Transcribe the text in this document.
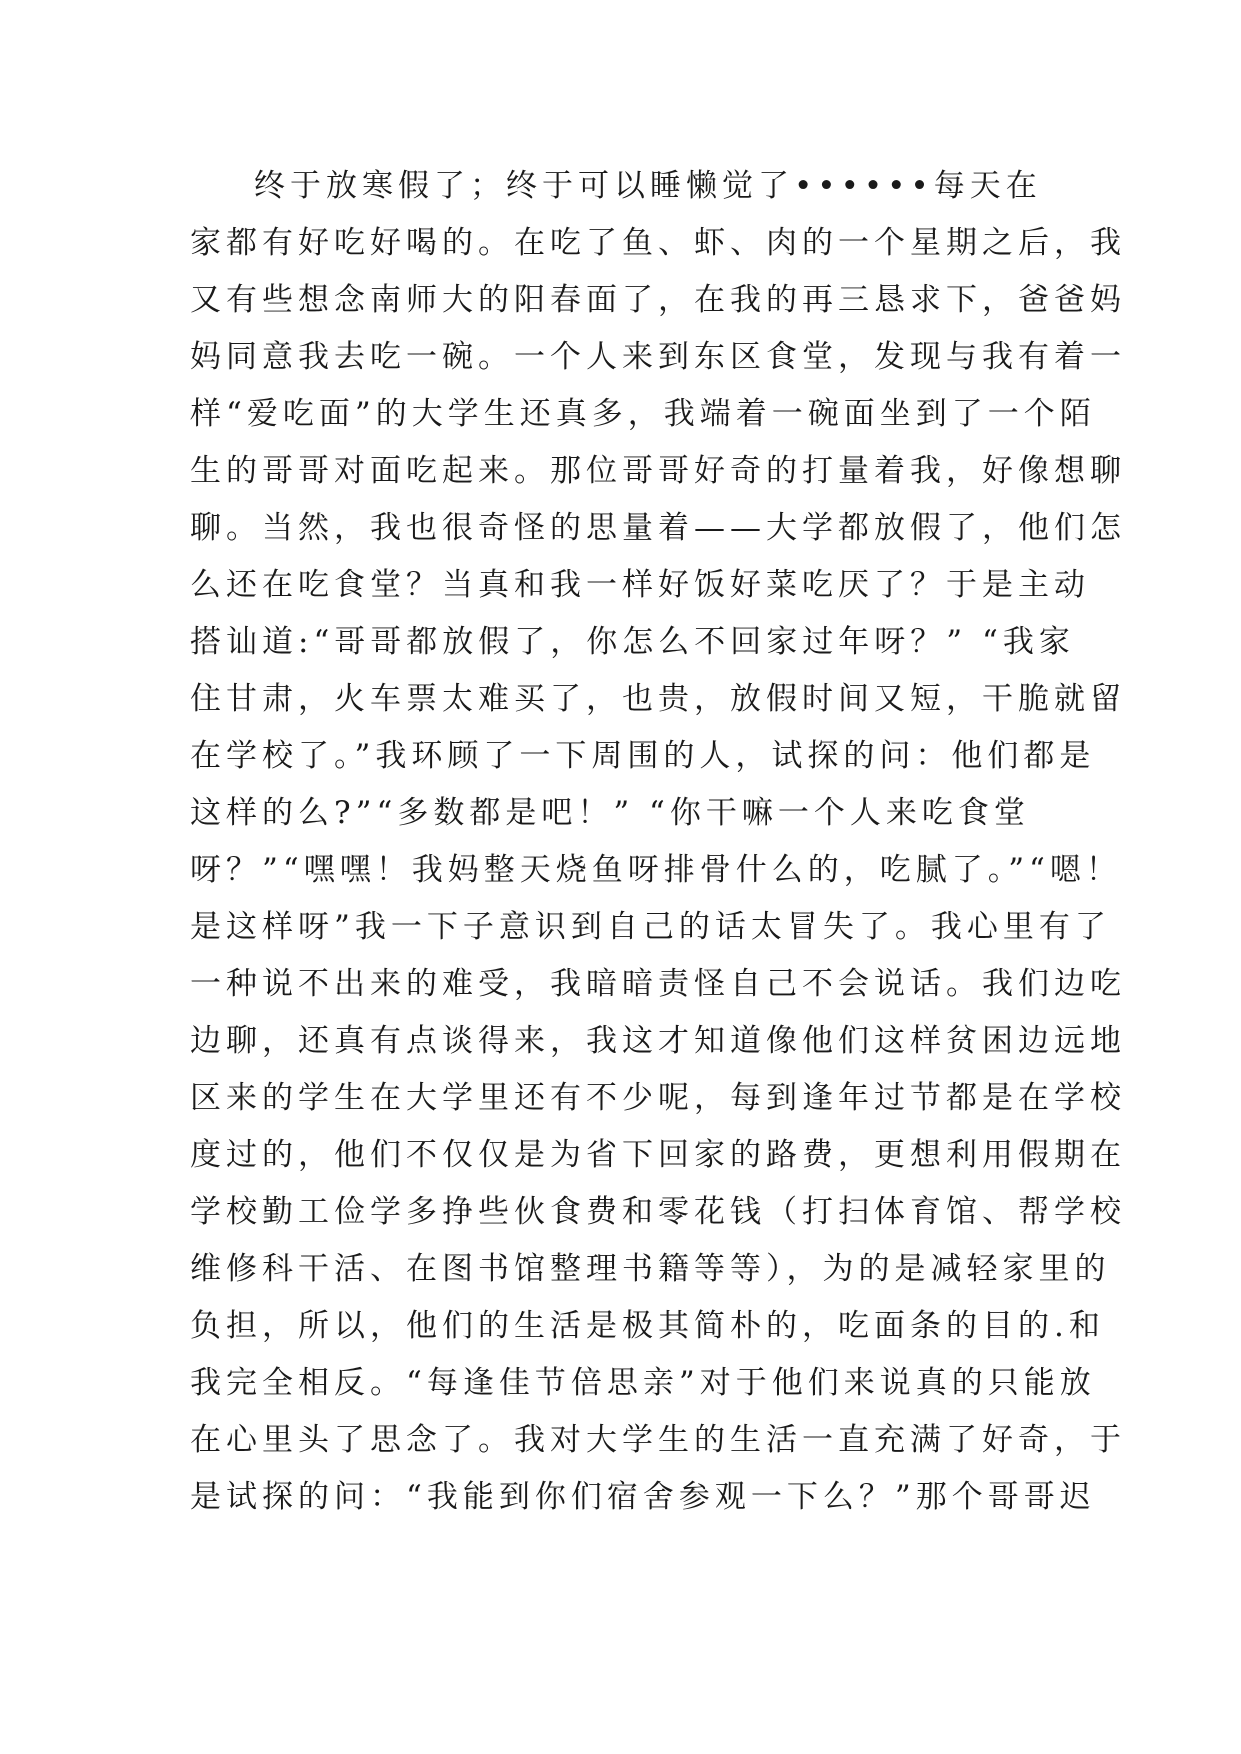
终于放寒假了；终于可以睡懒觉了••••••每天在
家都有好吃好喝的。在吃了鱼、虾、肉的一个星期之后，我
又有些想念南师大的阳春面了，在我的再三恳求下，爸爸妈
妈同意我去吃一碗。一个人来到东区食堂，发现与我有着一
样“爱吃面”的大学生还真多，我端着一碗面坐到了一个陌
生的哥哥对面吃起来。那位哥哥好奇的打量着我，好像想聊
聊。当然，我也很奇怪的思量着——大学都放假了，他们怎
么还在吃食堂？当真和我一样好饭好菜吃厌了？于是主动
搭讪道:“哥哥都放假了，你怎么不回家过年呀？” “我家
住甘肃，火车票太难买了，也贵，放假时间又短，干脆就留
在学校了。”我环顾了一下周围的人，试探的问：他们都是
这样的么?”“多数都是吧！” “你干嘛一个人来吃食堂
呀？”“嘿嘿！我妈整天烧鱼呀排骨什么的，吃腻了。”“嗯！
是这样呀”我一下子意识到自己的话太冒失了。我心里有了
一种说不出来的难受，我暗暗责怪自己不会说话。我们边吃
边聊，还真有点谈得来，我这才知道像他们这样贫困边远地
区来的学生在大学里还有不少呢，每到逢年过节都是在学校
度过的，他们不仅仅是为省下回家的路费，更想利用假期在
学校勤工俭学多挣些伙食费和零花钱（打扫体育馆、帮学校
维修科干活、在图书馆整理书籍等等），为的是减轻家里的
负担，所以，他们的生活是极其简朴的，吃面条的目的.和
我完全相反。“每逢佳节倍思亲”对于他们来说真的只能放
在心里头了思念了。我对大学生的生活一直充满了好奇，于
是试探的问：“我能到你们宿舍参观一下么？”那个哥哥迟
